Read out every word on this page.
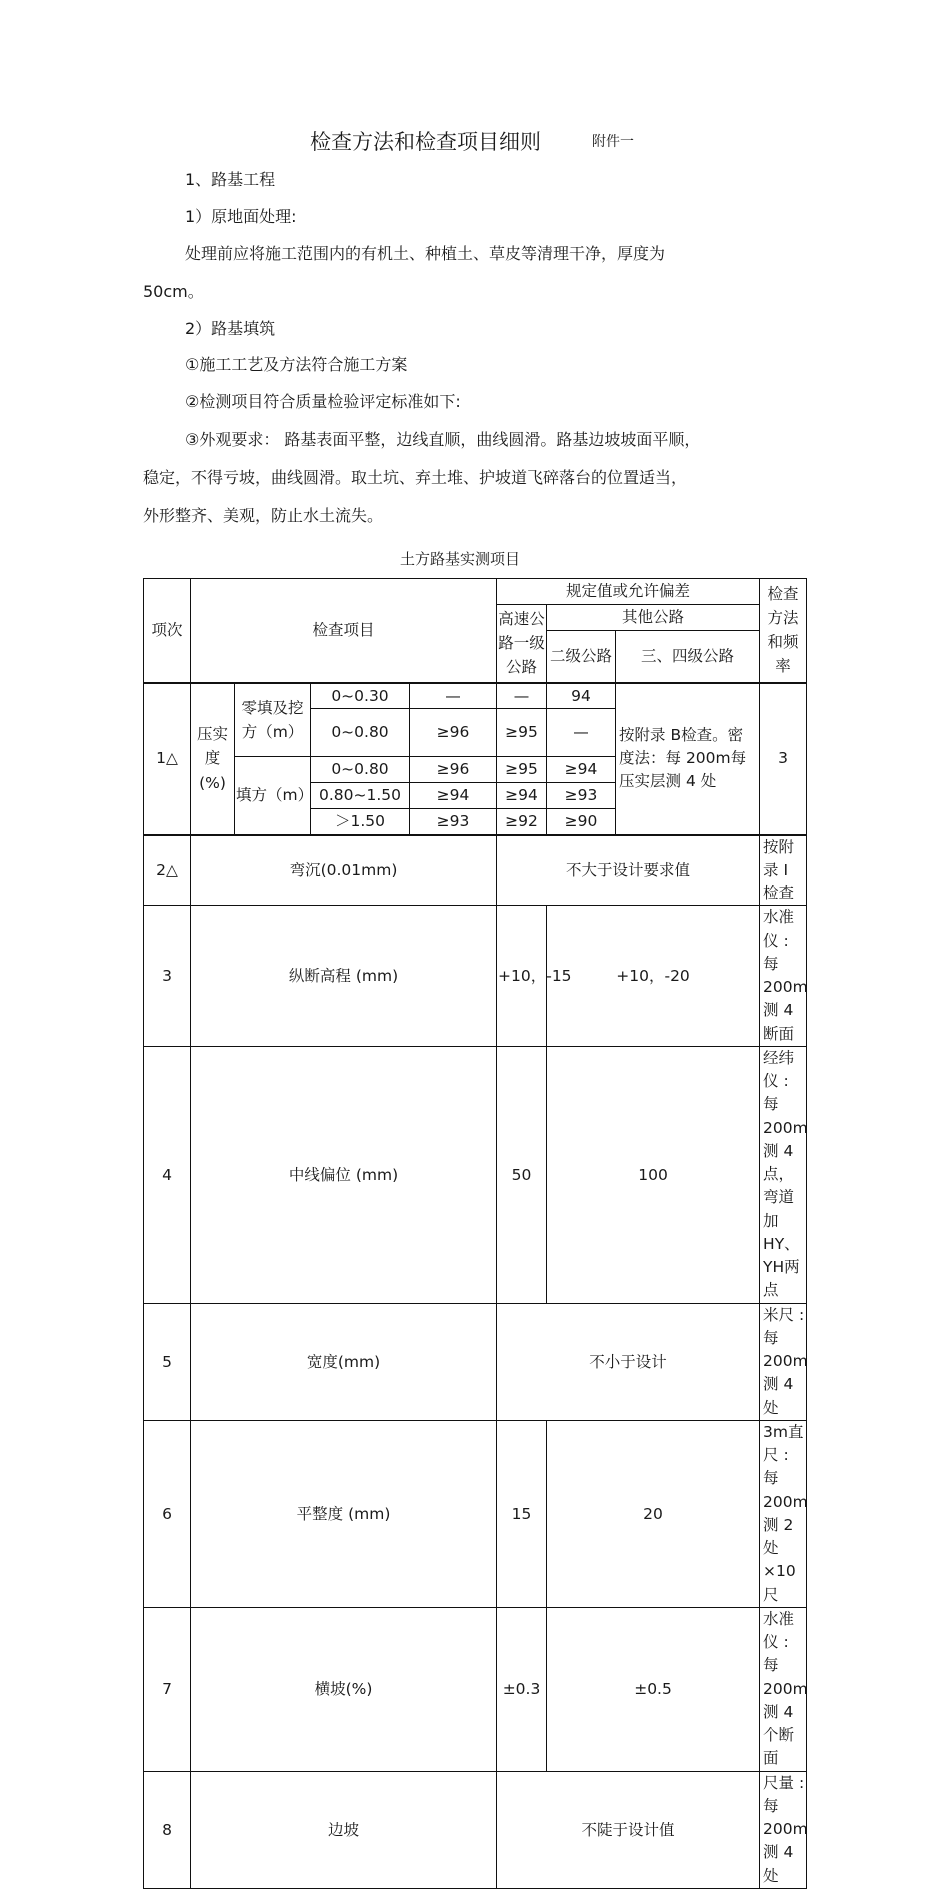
检查方法和检查项目细则	附件一
1、路基工程
1）原地面处理:
处理前应将施工范围内的有机土、种植土、草皮等清理干净，厚度为
50cm。
2）路基填筑
①施工工艺及方法符合施工方案
②检测项目符合质量检验评定标准如下:
③外观要求： 路基表面平整，边线直顺，曲线圆滑。路基边坡坡面平顺，
稳定，不得亏坡，曲线圆滑。取土坑、弃土堆、护坡道飞碎落台的位置适当，
外形整齐、美观，防止水土流失。
土方路基实测项目
项次	检查项目				规定值或允许偏差			检查方法和频率	
					高速公路一级公路	其他公路			
						二级公路	三、四级公路		
1△	压实度(%)	零填及挖方（m）	0~0.30	—	—	94	按附录 B检查。密度法：每 200m每压实层测 4 处	3	
			0~0.80	≥96	≥95	—			
		填方（m）	0~0.80	≥96	≥95	≥94			
			0.80~1.50	≥94	≥94	≥93			
			＞1.50	≥93	≥92	≥90			
2△	弯沉(0.01mm)				不大于设计要求值			按附录 I 检查	
3	纵断高程 (mm)				+10，-15	+10，-20		水准仪 : 每 200m测 4 断面	
4	中线偏位 (mm)				50	100		经纬仪 : 每 200m测 4 点，弯道加 HY、YH两点	
5	宽度(mm)				不小于设计			米尺 : 每 200m测 4 处	
6	平整度 (mm)				15	20		3m直尺 : 每 200m测 2 处×10 尺	
7	横坡(%)				±0.3	±0.5		水准仪 : 每 200m测 4 个断面	
8	边坡				不陡于设计值			尺量 : 每 200m测 4 处	
